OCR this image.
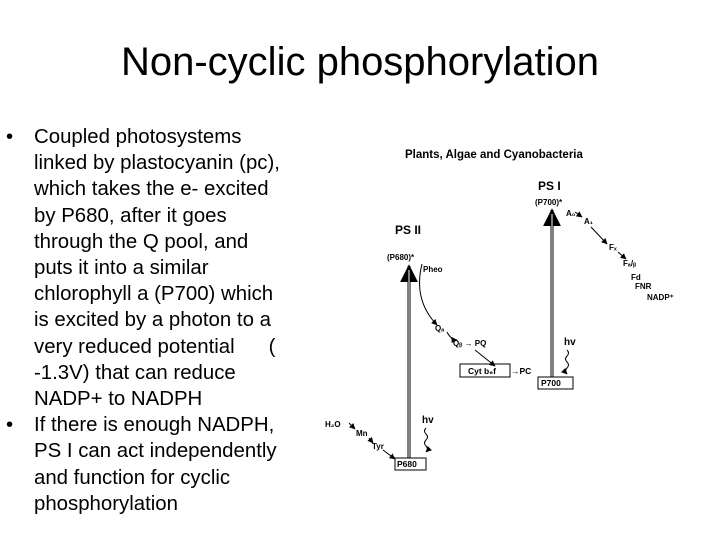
Non-cyclic phosphorylation
• Coupled photosystems
linked by plastocyanin (pc),
which takes the e- excited
by P680, after it goes
through the Q pool, and
puts it into a similar
chlorophyll a (P700) which
is excited by a photon to a
very reduced potential      (
-1.3V) that can reduce
NADP+ to NADPH
• If there is enough NADPH,
PS I can act independently
and function for cyclic
phosphorylation
Plants, Algae and Cyanobacteria
PS II
(P680)*
Pheo
Qₐ
Qᵦ → PQ
Cyt b₆f →PC
PS I
(P700)*
A₀
A₁
Fₓ
Fₐ/ᵦ
Fd
FNR
NADP⁺
hv
P700
hv
H₂O
Mn
Tyr
P680
